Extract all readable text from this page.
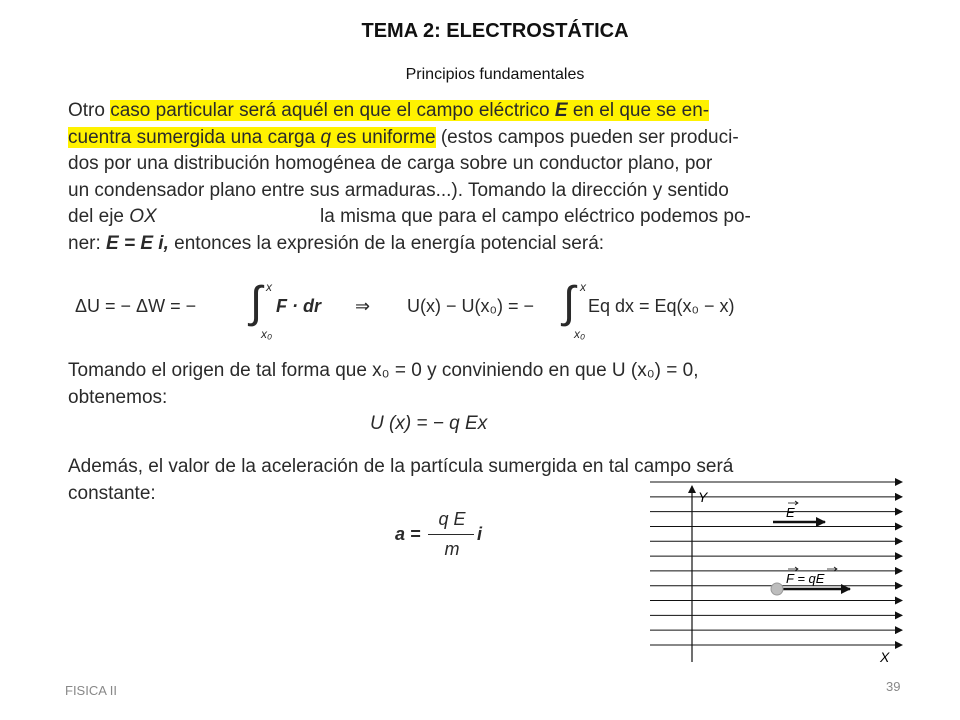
TEMA 2: ELECTROSTÁTICA
Principios fundamentales
Otro caso particular será aquél en que el campo eléctrico E en el que se en-
cuentra sumergida una carga q es uniforme (estos campos pueden ser produci-
dos por una distribución homogénea de carga sobre un conductor plano, por
un condensador plano entre sus armaduras...). Tomando la dirección y sentido
del eje OX	la misma que para el campo eléctrico podemos po-
ner: E = E i, entonces la expresión de la energía potencial será:
ΔU = − ΔW = − ∫ x
x₀
F · dr ⇒ U(x) − U(x₀) = − ∫ x
x₀
Eq dx = Eq(x₀ − x)
Tomando el origen de tal forma que x₀ = 0 y conviniendo en que U (x₀) = 0,
obtenemos:
U (x) = − q Ex
Además, el valor de la aceleración de la partícula sumergida en tal campo será
constante:
a =
q E
m
i
Y
X
E
F = qE
FISICA II	39
